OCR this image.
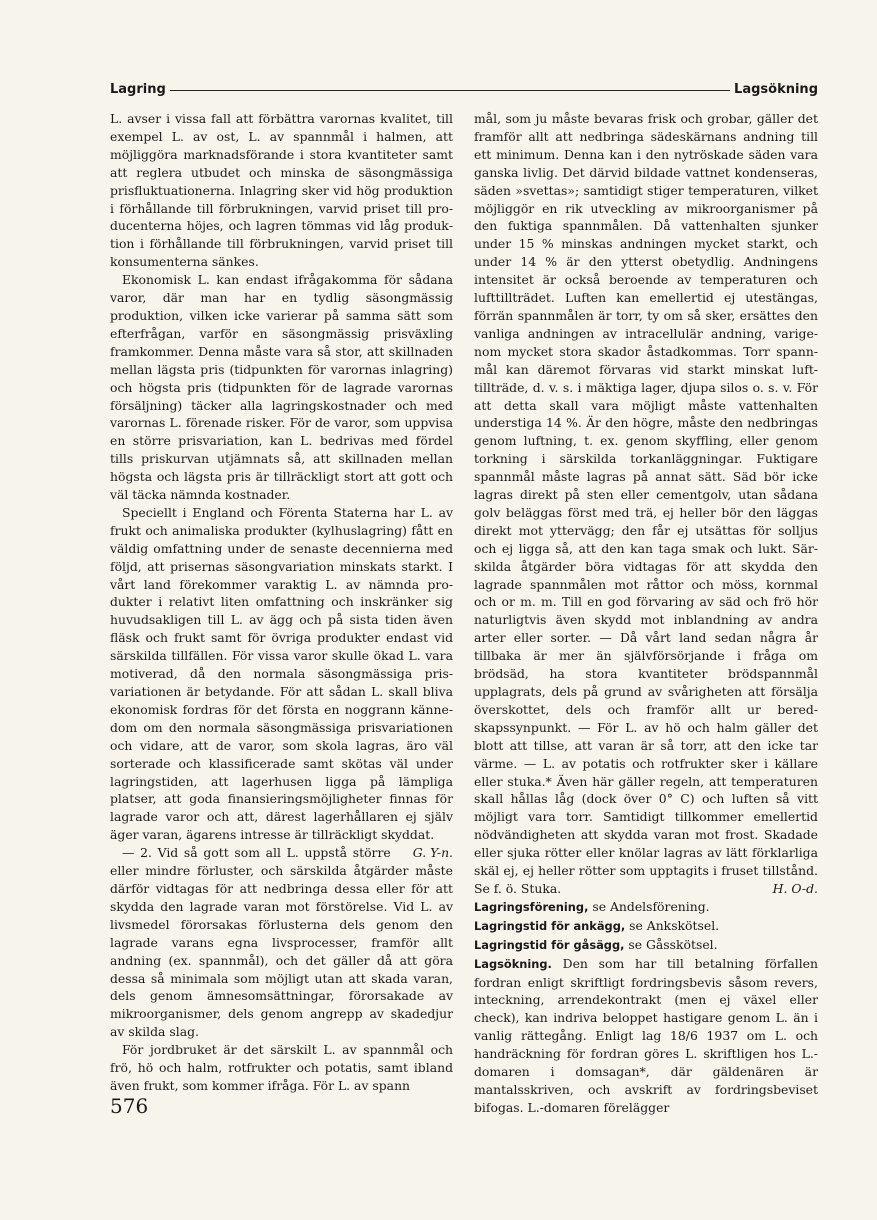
Lagring	Lagsökning

L. avser i vissa fall att förbättra varornas kvalitet, till exempel L. av ost, L. av spannmål i halmen, att möjliggöra marknadsförande i stora kvantiteter samt att reglera utbudet och minska de säsongmässiga prisfluktuationerna. Inlagring sker vid hög produktion i förhållande till förbrukningen, varvid priset till producenterna höjes, och lagren tömmas vid låg produktion i förhållande till förbrukningen, varvid priset till konsumenterna sänkes.

Ekonomisk L. kan endast ifrågakomma för sådana varor, där man har en tydlig säsongmässig produktion, vilken icke varierar på samma sätt som efterfrågan, varför en säsongmässig prisväxling framkommer. Denna måste vara så stor, att skillnaden mellan lägsta pris (tidpunkten för varornas inlagring) och högsta pris (tidpunkten för de lagrade varornas försäljning) täcker alla lagringskostnader och med varornas L. förenade risker. För de varor, som uppvisa en större prisvariation, kan L. bedrivas med fördel tills priskurvan utjämnats så, att skillnaden mellan högsta och lägsta pris är tillräckligt stort att gott och väl täcka nämnda kostnader.

Speciellt i England och Förenta Staterna har L. av frukt och animaliska produkter (kylhuslagring) fått en väldig omfattning under de senaste decennierna med följd, att prisernas säsongvariation minskats starkt. I vårt land förekommer varaktig L. av nämnda produkter i relativt liten omfattning och inskränker sig huvudsakligen till L. av ägg och på sista tiden även fläsk och frukt samt för övriga produkter endast vid särskilda tillfällen. För vissa varor skulle ökad L. vara motiverad, då den normala säsongmässiga prisvariationen är betydande. För att sådan L. skall bliva ekonomisk fordras för det första en noggrann kännedom om den normala säsongmässiga prisvariationen och vidare, att de varor, som skola lagras, äro väl sorterade och klassificerade samt skötas väl under lagringstiden, att lagerhusen ligga på lämpliga platser, att goda finansieringsmöjligheter finnas för lagrade varor och att, därest lagerhållaren ej själv äger varan, ägarens intresse är tillräckligt skyddat.
G. Y-n.

— 2. Vid så gott som all L. uppstå större eller mindre förluster, och särskilda åtgärder måste därför vidtagas för att nedbringa dessa eller för att skydda den lagrade varan mot förstörelse. Vid L. av livsmedel förorsakas förlusterna dels genom den lagrade varans egna livsprocesser, framför allt andning (ex. spannmål), och det gäller då att göra dessa så minimala som möjligt utan att skada varan, dels genom ämnesomsättningar, förorsakade av mikroorganismer, dels genom angrepp av skadedjur av skilda slag.

För jordbruket är det särskilt L. av spannmål och frö, hö och halm, rotfrukter och potatis, samt ibland även frukt, som kommer ifråga. För L. av spann

mål, som ju måste bevaras frisk och grobar, gäller det framför allt att nedbringa sädeskärnans andning till ett minimum. Denna kan i den nytröskade säden vara ganska livlig. Det därvid bildade vattnet kondenseras, säden »svettas»; samtidigt stiger temperaturen, vilket möjliggör en rik utveckling av mikroorganismer på den fuktiga spannmålen. Då vattenhalten sjunker under 15 % minskas andningen mycket starkt, och under 14 % är den ytterst obetydlig. Andningens intensitet är också beroende av temperaturen och lufttillträdet. Luften kan emellertid ej utestängas, förrän spannmålen är torr, ty om så sker, ersättes den vanliga andningen av intracellulär andning, varigenom mycket stora skador åstadkommas. Torr spannmål kan däremot förvaras vid starkt minskat lufttillträde, d. v. s. i mäktiga lager, djupa silos o. s. v. För att detta skall vara möjligt måste vattenhalten understiga 14 %. Är den högre, måste den nedbringas genom luftning, t. ex. genom skyffling, eller genom torkning i särskilda torkanläggningar. Fuktigare spannmål måste lagras på annat sätt. Säd bör icke lagras direkt på sten eller cementgolv, utan sådana golv beläggas först med trä, ej heller bör den läggas direkt mot yttervägg; den får ej utsättas för solljus och ej ligga så, att den kan taga smak och lukt. Särskilda åtgärder böra vidtagas för att skydda den lagrade spannmålen mot råttor och möss, kornmal och or m. m. Till en god förvaring av säd och frö hör naturligtvis även skydd mot inblandning av andra arter eller sorter. — Då vårt land sedan några år tillbaka är mer än självförsörjande i fråga om brödsäd, ha stora kvantiteter brödspannmål upplagrats, dels på grund av svårigheten att försälja överskottet, dels och framför allt ur beredskapssynpunkt. — För L. av hö och halm gäller det blott att tillse, att varan är så torr, att den icke tar värme. — L. av potatis och rotfrukter sker i källare eller stuka.* Även här gäller regeln, att temperaturen skall hållas låg (dock över 0° C) och luften så vitt möjligt vara torr. Samtidigt tillkommer emellertid nödvändigheten att skydda varan mot frost. Skadade eller sjuka rötter eller knölar lagras av lätt förklarliga skäl ej, ej heller rötter som upptagits i fruset tillstånd. Se f. ö. Stuka.	H. O-d.

Lagringsförening, se Andelsförening.

Lagringstid för ankägg, se Ankskötsel.

Lagringstid för gåsägg, se Gåsskötsel.

Lagsökning. Den som har till betalning förfallen fordran enligt skriftligt fordringsbevis såsom revers, inteckning, arrendekontrakt (men ej växel eller check), kan indriva beloppet hastigare genom L. än i vanlig rättegång. Enligt lag 18/6 1937 om L. och handräckning för fordran göres L. skriftligen hos L.-domaren i domsagan*, där gäldenären är mantalsskriven, och avskrift av fordringsbeviset bifogas. L.-domaren förelägger

576
